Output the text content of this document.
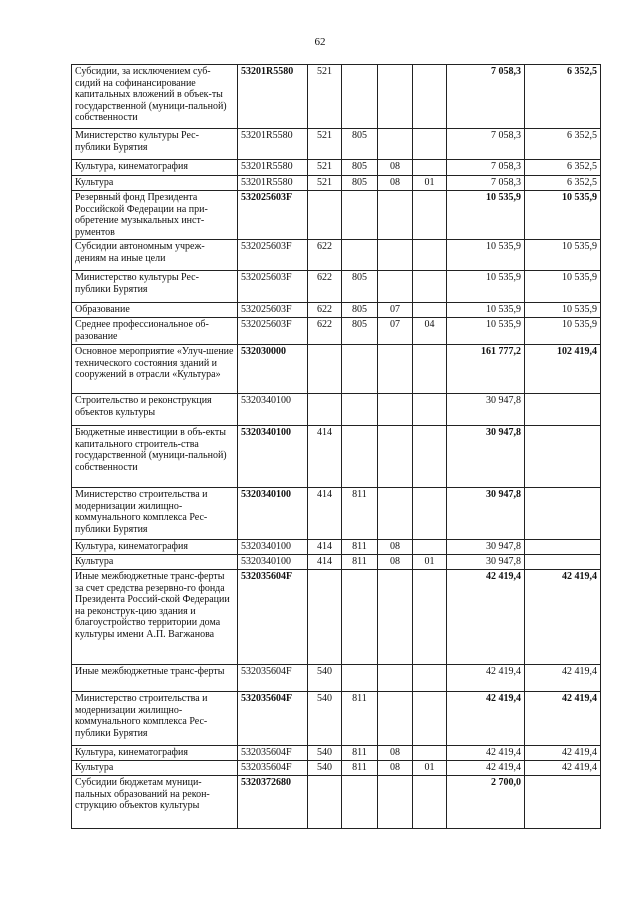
62
Субсидии, за исключением суб-сидий на софинансирование капитальных вложений в объек-ты государственной (муници-пальной) собственности	53201R5580	521				7 058,3	6 352,5
Министерство культуры Рес-публики Бурятия	53201R5580	521	805			7 058,3	6 352,5
Культура, кинематография	53201R5580	521	805	08		7 058,3	6 352,5
Культура	53201R5580	521	805	08	01	7 058,3	6 352,5
Резервный фонд Президента Российской Федерации на при-обретение музыкальных инст-рументов	532025603F					10 535,9	10 535,9
Субсидии автономным учреж-дениям на иные цели	532025603F	622				10 535,9	10 535,9
Министерство культуры Рес-публики Бурятия	532025603F	622	805			10 535,9	10 535,9
Образование	532025603F	622	805	07		10 535,9	10 535,9
Среднее профессиональное об-разование	532025603F	622	805	07	04	10 535,9	10 535,9
Основное мероприятие «Улуч-шение технического состояния зданий и сооружений в отрасли «Культура»	532030000					161 777,2	102 419,4
Строительство и реконструкция объектов культуры	5320340100					30 947,8	
Бюджетные инвестиции в объ-екты капитального строитель-ства государственной (муници-пальной) собственности	5320340100	414				30 947,8	
Министерство строительства и модернизации жилищно-коммунального комплекса Рес-публики Бурятия	5320340100	414	811			30 947,8	
Культура, кинематография	5320340100	414	811	08		30 947,8	
Культура	5320340100	414	811	08	01	30 947,8	
Иные межбюджетные транс-ферты за счет средства резервно-го фонда Президента Россий-ской Федерации на реконструк-цию здания и благоустройство территории дома культуры имени А.П. Вагжанова	532035604F					42 419,4	42 419,4
Иные межбюджетные транс-ферты	532035604F	540				42 419,4	42 419,4
Министерство строительства и модернизации жилищно-коммунального комплекса Рес-публики Бурятия	532035604F	540	811			42 419,4	42 419,4
Культура, кинематография	532035604F	540	811	08		42 419,4	42 419,4
Культура	532035604F	540	811	08	01	42 419,4	42 419,4
Субсидии бюджетам муници-пальных образований на рекон-струкцию объектов культуры	5320372680					2 700,0	
